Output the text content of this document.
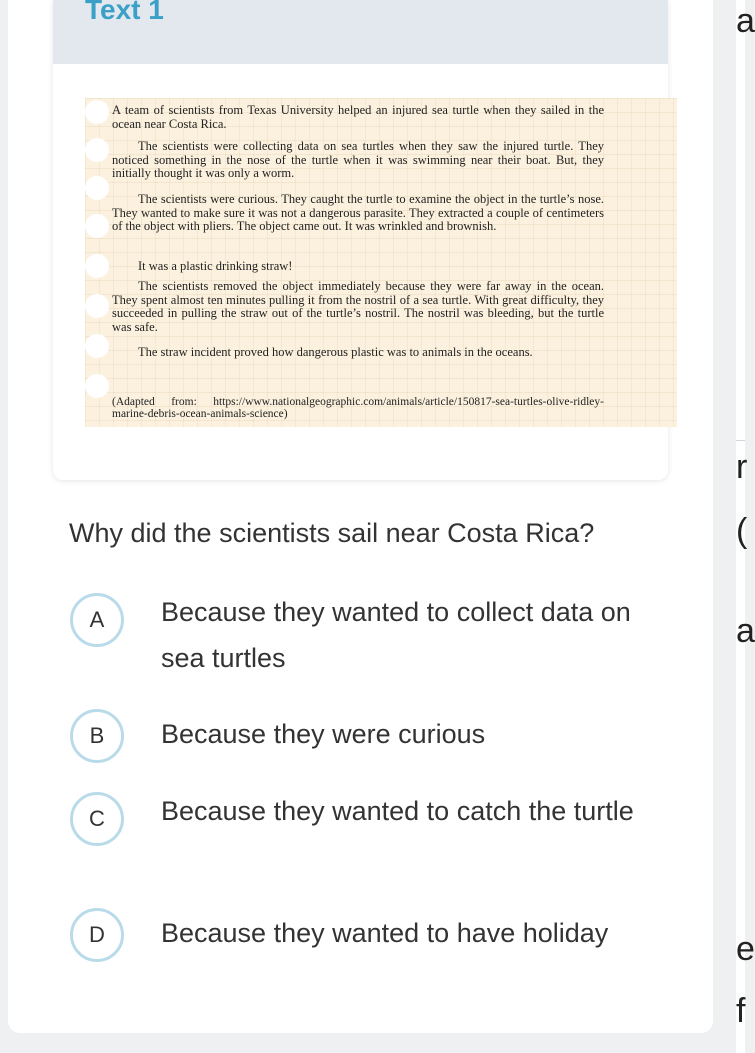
Text 1

A team of scientists from Texas University helped an injured sea turtle when they sailed in the ocean near Costa Rica.

The scientists were collecting data on sea turtles when they saw the injured turtle. They noticed something in the nose of the turtle when it was swimming near their boat. But, they initially thought it was only a worm.

The scientists were curious. They caught the turtle to examine the object in the turtle’s nose. They wanted to make sure it was not a dangerous parasite. They extracted a couple of centimeters of the object with pliers. The object came out. It was wrinkled and brownish.

It was a plastic drinking straw!

The scientists removed the object immediately because they were far away in the ocean. They spent almost ten minutes pulling it from the nostril of a sea turtle. With great difficulty, they succeeded in pulling the straw out of the turtle’s nostril. The nostril was bleeding, but the turtle was safe.

The straw incident proved how dangerous plastic was to animals in the oceans.

(Adapted from: https://www.nationalgeographic.com/animals/article/150817-sea-turtles-olive-ridley-marine-debris-ocean-animals-science)

Why did the scientists sail near Costa Rica?
A	Because they wanted to collect data on sea turtles
B	Because they were curious
C	Because they wanted to catch the turtle
D	Because they wanted to have holiday
a
r
(
a
e
f
